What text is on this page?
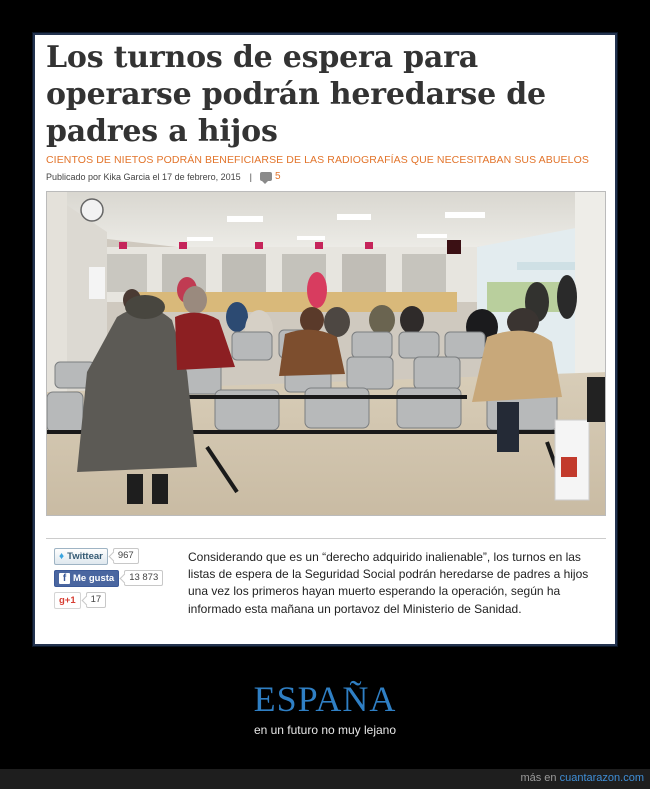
Los turnos de espera para operarse podrán heredarse de padres a hijos
CIENTOS DE NIETOS PODRÁN BENEFICIARSE DE LAS RADIOGRAFÍAS QUE NECESITABAN SUS ABUELOS
Publicado por Kika Garcia el 17 de febrero, 2015 | 5
♦ Twittear	967
f Me gusta	13 873
g+1	17

Considerando que es un “derecho adquirido inalienable”, los turnos en las listas de espera de la Seguridad Social podrán heredarse de padres a hijos una vez los primeros hayan muerto esperando la operación, según ha informado esta mañana un portavoz del Ministerio de Sanidad.

ESPAÑA
en un futuro no muy lejano
más en cuantarazon.com
